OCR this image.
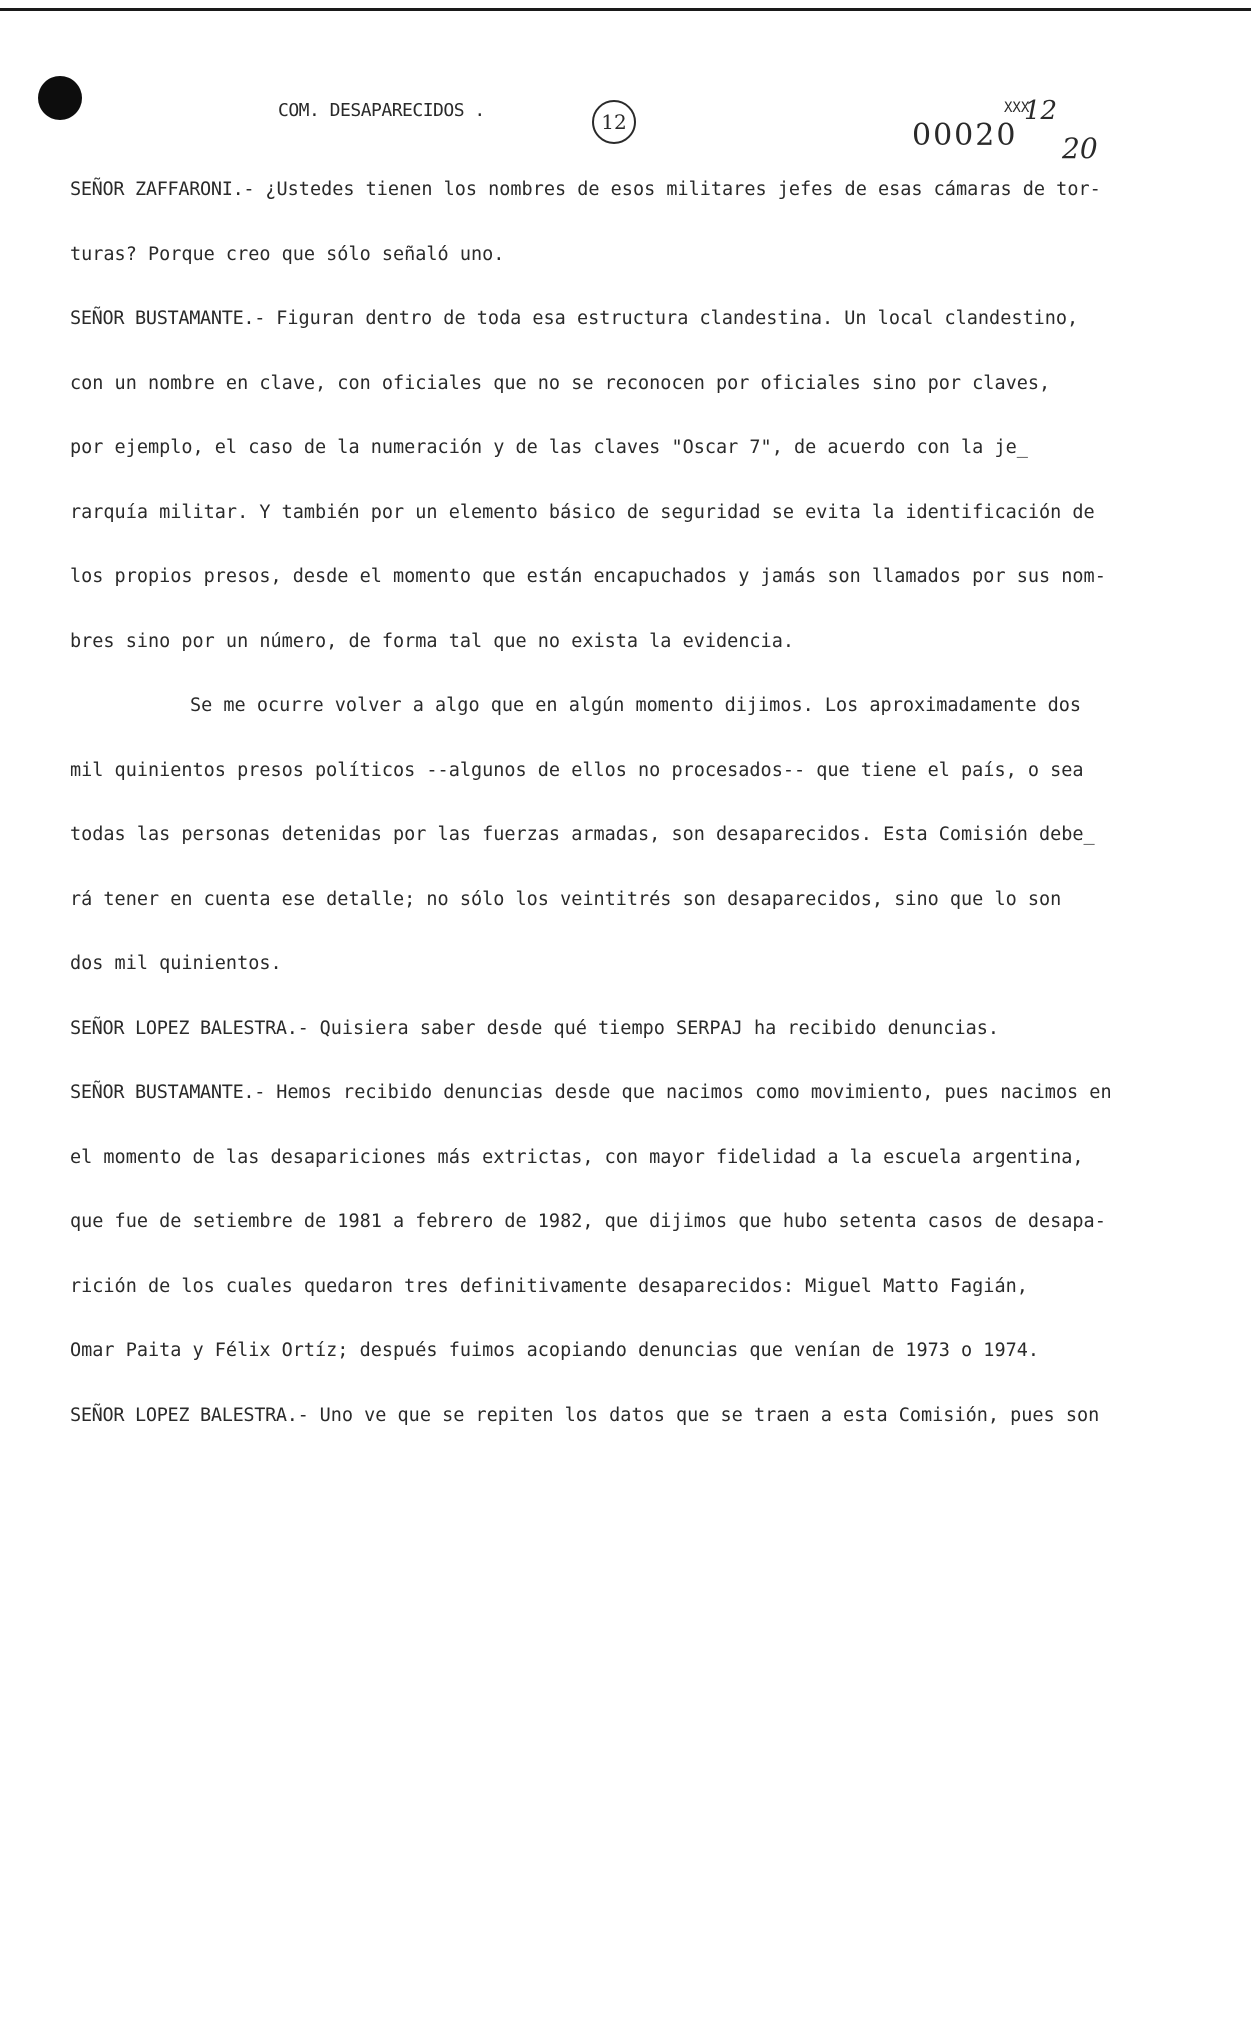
COM. DESAPARECIDOS .	12
XXX
00020
12
20
SEÑOR ZAFFARONI.- ¿Ustedes tienen los nombres de esos militares jefes de esas cámaras de tor-
turas? Porque creo que sólo señaló uno.
SEÑOR BUSTAMANTE.- Figuran dentro de toda esa estructura clandestina. Un local clandestino,
con un nombre en clave, con oficiales que no se reconocen por oficiales sino por claves,
por ejemplo, el caso de la numeración y de las claves "Oscar 7", de acuerdo con la je_
rarquía militar. Y también por un elemento básico de seguridad se evita la identificación de
los propios presos, desde el momento que están encapuchados y jamás son llamados por sus nom-
bres sino por un número, de forma tal que no exista la evidencia.
Se me ocurre volver a algo que en algún momento dijimos. Los aproximadamente dos
mil quinientos presos políticos --algunos de ellos no procesados-- que tiene el país, o sea
todas las personas detenidas por las fuerzas armadas, son desaparecidos. Esta Comisión debe_
rá tener en cuenta ese detalle; no sólo los veintitrés son desaparecidos, sino que lo son
dos mil quinientos.
SEÑOR LOPEZ BALESTRA.- Quisiera saber desde qué tiempo SERPAJ ha recibido denuncias.
SEÑOR BUSTAMANTE.- Hemos recibido denuncias desde que nacimos como movimiento, pues nacimos en
el momento de las desapariciones más extrictas, con mayor fidelidad a la escuela argentina,
que fue de setiembre de 1981 a febrero de 1982, que dijimos que hubo setenta casos de desapa-
rición de los cuales quedaron tres definitivamente desaparecidos: Miguel Matto Fagián,
Omar Paita y Félix Ortíz; después fuimos acopiando denuncias que venían de 1973 o 1974.
SEÑOR LOPEZ BALESTRA.- Uno ve que se repiten los datos que se traen a esta Comisión, pues son
